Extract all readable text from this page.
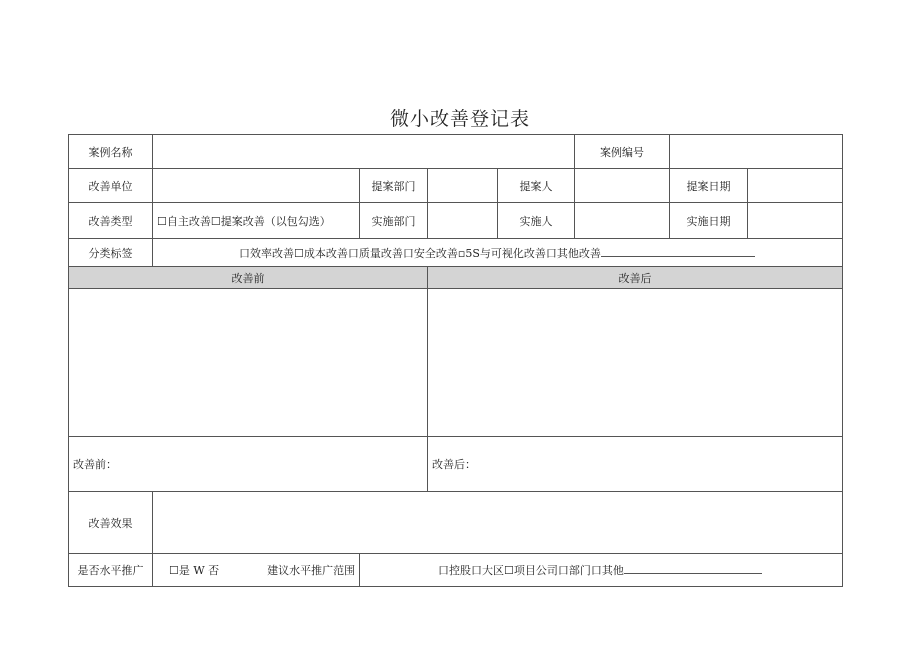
微小改善登记表
案例名称					案例编号		
改善单位		提案部门		提案人		提案日期	
改善类型	☐自主改善☐提案改善（以包勾选）	实施部门		实施人		实施日期	
分类标签	口效率改善☐成本改善口质量改善口安全改善▫5S与可视化改善口其他改善						
改善前			改善后				

改善前：			改善后：				
改善效果							
是否水平推广	☐是 W 否 建议水平推广范围	口控股口大区☐项目公司口部门口其他					
